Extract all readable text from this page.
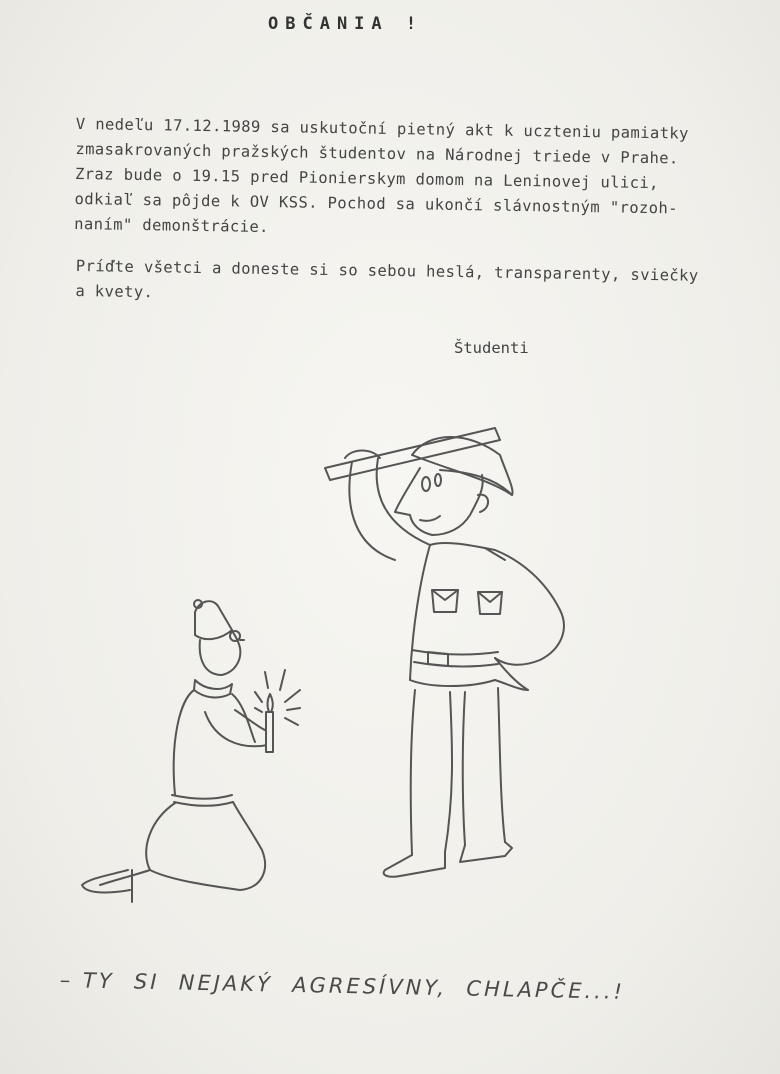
OBČANIA !
V nedeľu 17.12.1989 sa uskutoční pietný akt k uczteniu pamiatky
zmasakrovaných pražských študentov na Národnej triede v Prahe.
Zraz bude o 19.15 pred Pionierskym domom na Leninovej ulici,
odkiaľ sa pôjde k OV KSS. Pochod sa ukončí slávnostným "rozoh-
naním" demonštrácie.
Príďte všetci a doneste si so sebou heslá, transparenty, sviečky
a kvety.
Študenti
– TY  SI  NEJAKÝ  AGRESÍVNY,  CHLAPČE...!
